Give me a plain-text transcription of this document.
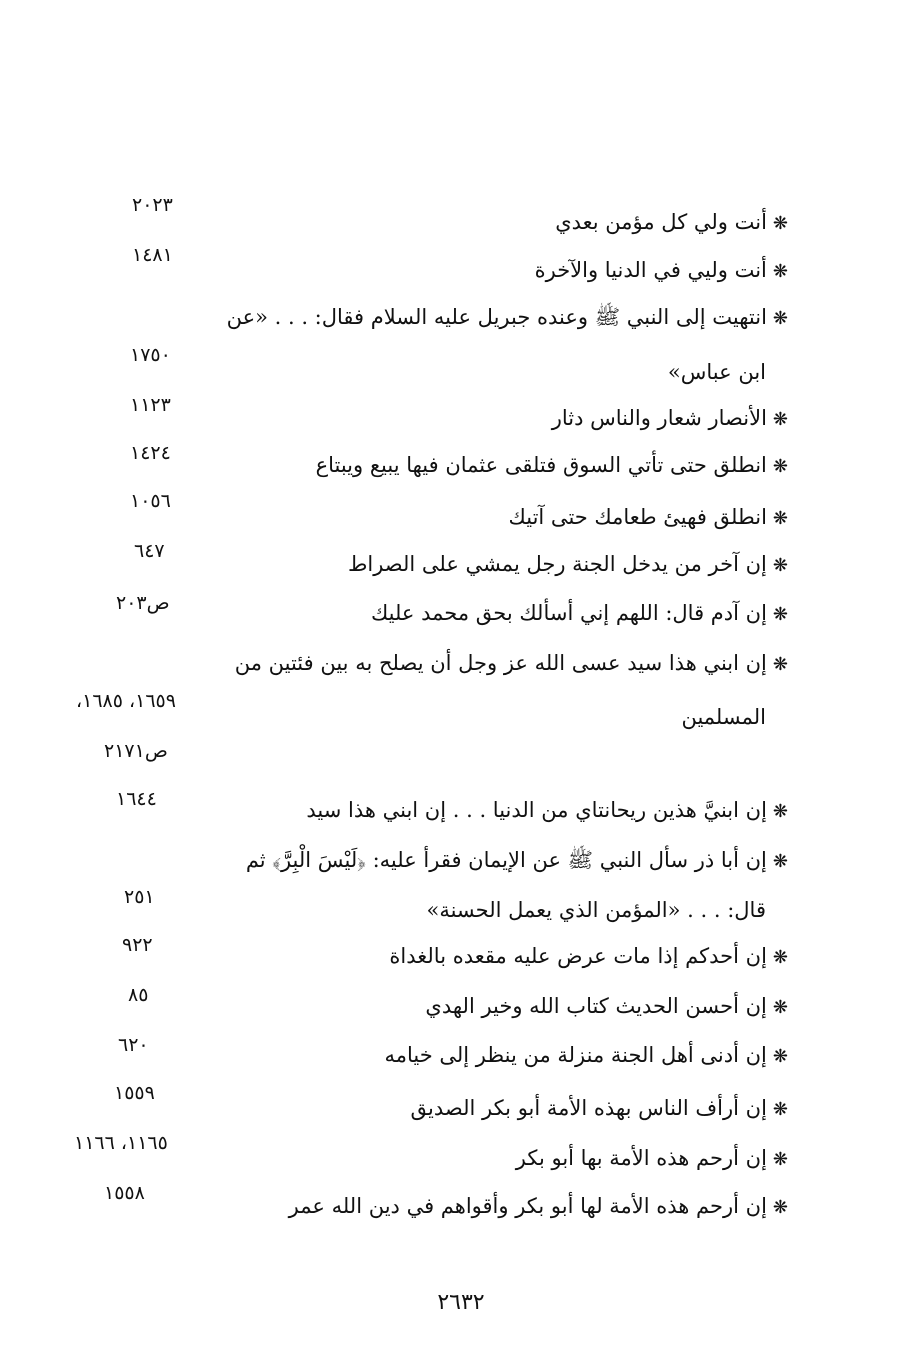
❋أنت ولي كل مؤمن بعدي
❋أنت وليي في الدنيا والآخرة
❋انتهيت إلى النبي ﷺ وعنده جبريل عليه السلام فقال: . . . «عن
ابن عباس»
❋الأنصار شعار والناس دثار
❋انطلق حتى تأتي السوق فتلقى عثمان فيها يبيع ويبتاع
❋انطلق فهيئ طعامك حتى آتيك
❋إن آخر من يدخل الجنة رجل يمشي على الصراط
❋إن آدم قال: اللهم إني أسألك بحق محمد عليك
❋إن ابني هذا سيد عسى الله عز وجل أن يصلح به بين فئتين من
المسلمين
❋إن ابنيَّ هذين ريحانتاي من الدنيا . . . إن ابني هذا سيد
❋إن أبا ذر سأل النبي ﷺ عن الإيمان فقرأ عليه: ﴿لَيْسَ الْبِرَّ﴾ ثم
قال: . . . «المؤمن الذي يعمل الحسنة»
❋إن أحدكم إذا مات عرض عليه مقعده بالغداة
❋إن أحسن الحديث كتاب الله وخير الهدي
❋إن أدنى أهل الجنة منزلة من ينظر إلى خيامه
❋إن أرأف الناس بهذه الأمة أبو بكر الصديق
❋إن أرحم هذه الأمة بها أبو بكر
❋إن أرحم هذه الأمة لها أبو بكر وأقواهم في دين الله عمر
٢٠٢٣
١٤٨١
١٧٥٠
١١٢٣
١٤٢٤
١٠٥٦
٦٤٧
ص٢٠٣
١٦٥٩، ١٦٨٥،
ص٢١٧١
١٦٤٤
٢٥١
٩٢٢
٨٥
٦٢٠
١٥٥٩
١١٦٥، ١١٦٦
١٥٥٨
٢٦٣٢
